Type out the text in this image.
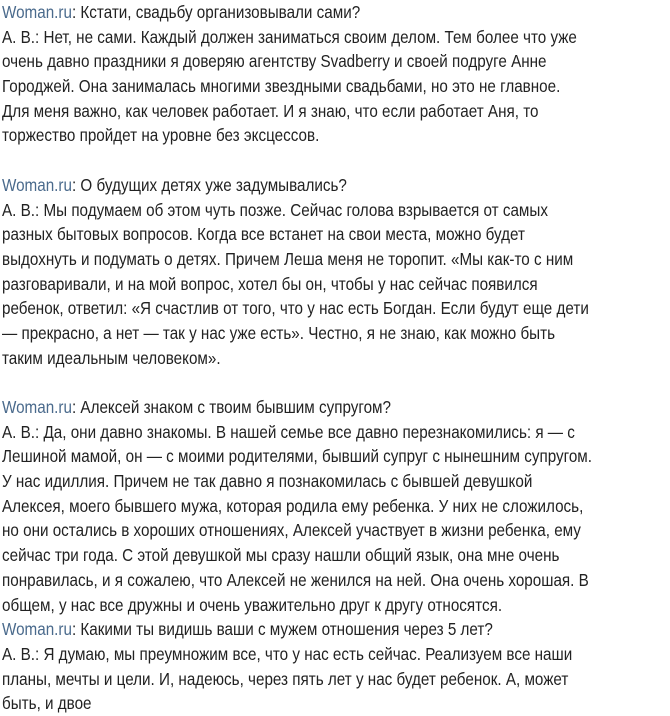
Woman.ru: Кстати, свадьбу организовывали сами?
А. В.: Нет, не сами. Каждый должен заниматься своим делом. Тем более что уже
очень давно праздники я доверяю агентству Svadberry и своей подруге Анне
Городжей. Она занималась многими звездными свадьбами, но это не главное.
Для меня важно, как человек работает. И я знаю, что если работает Аня, то
торжество пройдет на уровне без эксцессов.
Woman.ru: О будущих детях уже задумывались?
А. В.: Мы подумаем об этом чуть позже. Сейчас голова взрывается от самых
разных бытовых вопросов. Когда все встанет на свои места, можно будет
выдохнуть и подумать о детях. Причем Леша меня не торопит. «Мы как-то с ним
разговаривали, и на мой вопрос, хотел бы он, чтобы у нас сейчас появился
ребенок, ответил: «Я счастлив от того, что у нас есть Богдан. Если будут еще дети
— прекрасно, а нет — так у нас уже есть». Честно, я не знаю, как можно быть
таким идеальным человеком».
Woman.ru: Алексей знаком с твоим бывшим супругом?
А. В.: Да, они давно знакомы. В нашей семье все давно перезнакомились: я — с
Лешиной мамой, он — с моими родителями, бывший супруг с нынешним супругом.
У нас идиллия. Причем не так давно я познакомилась с бывшей девушкой
Алексея, моего бывшего мужа, которая родила ему ребенка. У них не сложилось,
но они остались в хороших отношениях, Алексей участвует в жизни ребенка, ему
сейчас три года. С этой девушкой мы сразу нашли общий язык, она мне очень
понравилась, и я сожалею, что Алексей не женился на ней. Она очень хорошая. В
общем, у нас все дружны и очень уважительно друг к другу относятся.
Woman.ru: Какими ты видишь ваши с мужем отношения через 5 лет?
А. В.: Я думаю, мы преумножим все, что у нас есть сейчас. Реализуем все наши
планы, мечты и цели. И, надеюсь, через пять лет у нас будет ребенок. А, может
быть, и двое
